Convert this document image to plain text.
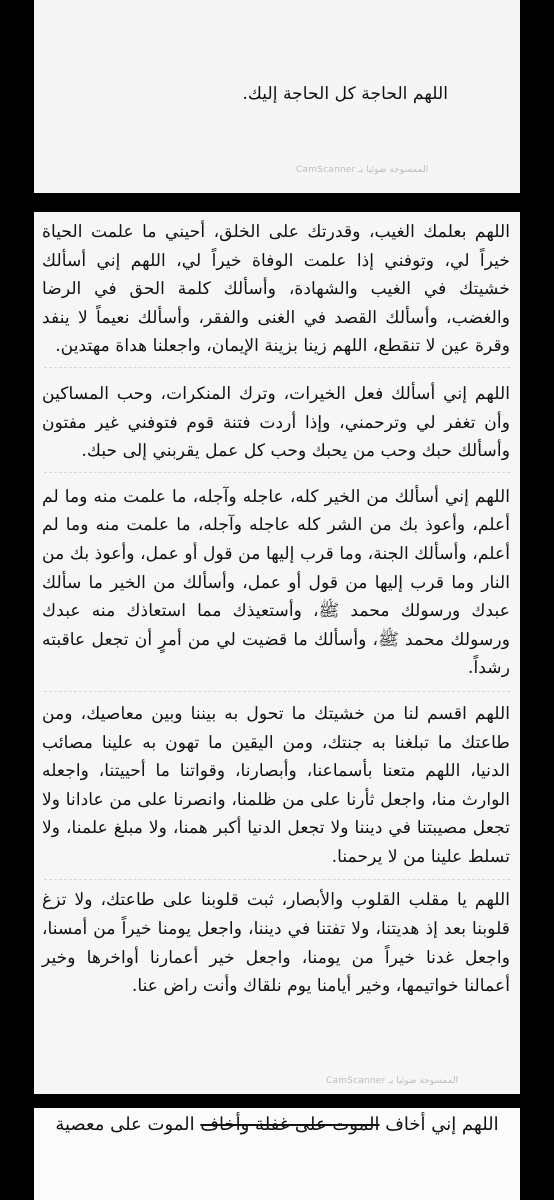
اللهم الحاجة كل الحاجة إليك.
الممسوحة ضوئيا بـ CamScanner
اللهم بعلمك الغيب، وقدرتك على الخلق، أحيني ما علمت الحياة خيراً لي، وتوفني إذا علمت الوفاة خيراً لي، اللهم إني أسألك خشيتك في الغيب والشهادة، وأسألك كلمة الحق في الرضا والغضب، وأسألك القصد في الغنى والفقر، وأسألك نعيماً لا ينفد وقرة عين لا تنقطع، اللهم زينا بزينة الإيمان، واجعلنا هداة مهتدين.
اللهم إني أسألك فعل الخيرات، وترك المنكرات، وحب المساكين وأن تغفر لي وترحمني، وإذا أردت فتنة قوم فتوفني غير مفتون وأسألك حبك وحب من يحبك وحب كل عمل يقربني إلى حبك.
اللهم إني أسألك من الخير كله، عاجله وآجله، ما علمت منه وما لم أعلم، وأعوذ بك من الشر كله عاجله وآجله، ما علمت منه وما لم أعلم، وأسألك الجنة، وما قرب إليها من قول أو عمل، وأعوذ بك من النار وما قرب إليها من قول أو عمل، وأسألك من الخير ما سألك عبدك ورسولك محمد ﷺ، وأستعيذك مما استعاذك منه عبدك ورسولك محمد ﷺ، وأسألك ما قضيت لي من أمرٍ أن تجعل عاقبته رشداً.
اللهم اقسم لنا من خشيتك ما تحول به بيننا وبين معاصيك، ومن طاعتك ما تبلغنا به جنتك، ومن اليقين ما تهون به علينا مصائب الدنيا، اللهم متعنا بأسماعنا، وأبصارنا، وقواتنا ما أحييتنا، واجعله الوارث منا، واجعل ثأرنا على من ظلمنا، وانصرنا على من عادانا ولا تجعل مصيبتنا في ديننا ولا تجعل الدنيا أكبر همنا، ولا مبلغ علمنا، ولا تسلط علينا من لا يرحمنا.
اللهم يا مقلب القلوب والأبصار، ثبت قلوبنا على طاعتك، ولا تزغ قلوبنا بعد إذ هديتنا، ولا تفتنا في ديننا، واجعل يومنا خيراً من أمسنا، واجعل غدنا خيراً من يومنا، واجعل خير أعمارنا أواخرها وخير أعمالنا خواتيمها، وخير أيامنا يوم نلقاك وأنت راض عنا.
الممسوحة ضوئيا بـ CamScanner
اللهم إني أخاف الموت على غفلة وأخاف الموت على معصية
